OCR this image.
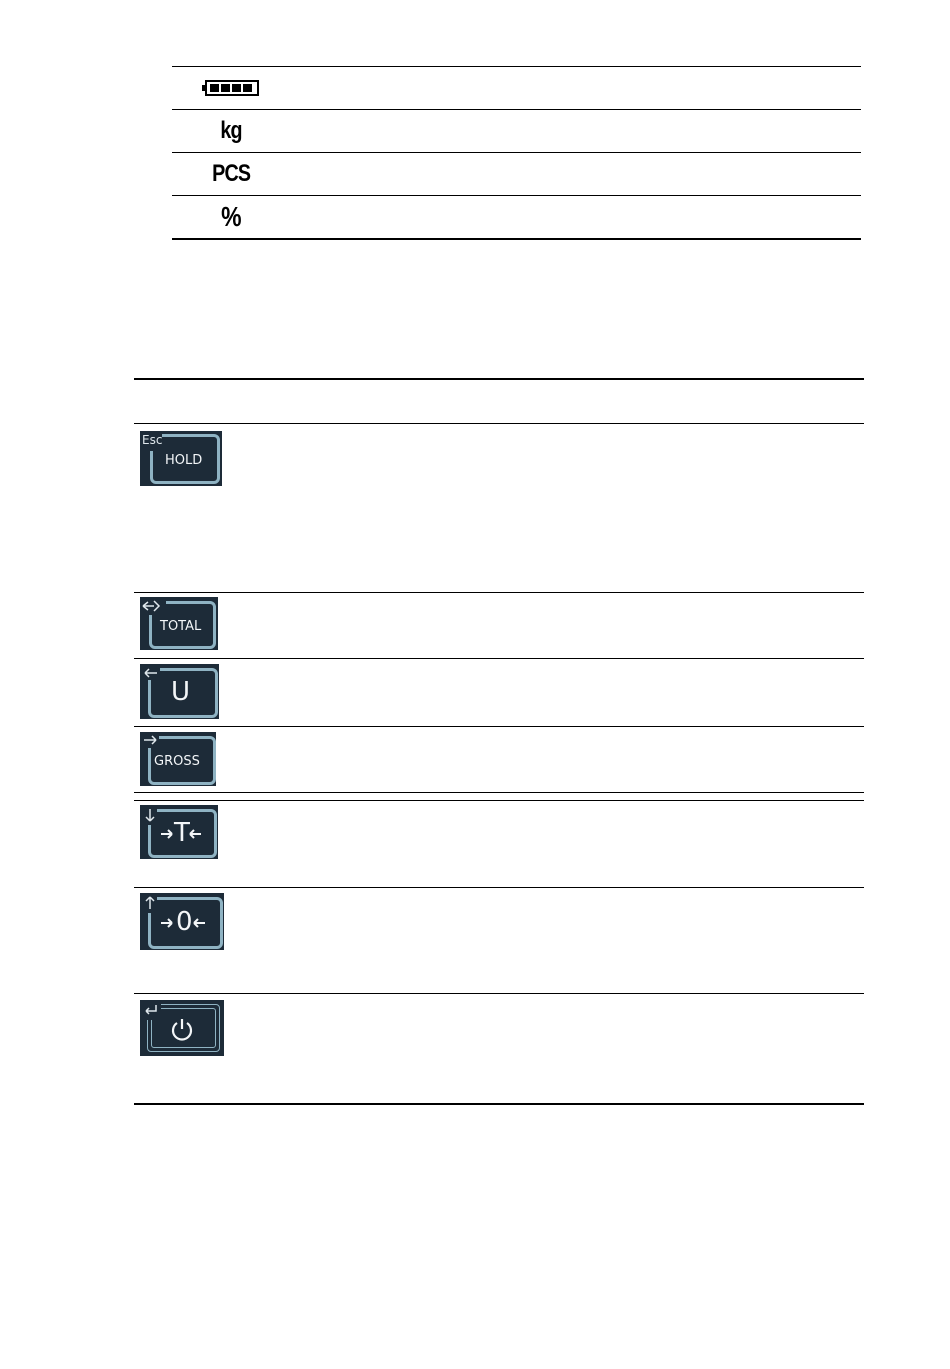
kg
PCS
%
Esc
HOLD
TOTAL
U
GROSS
T
0
